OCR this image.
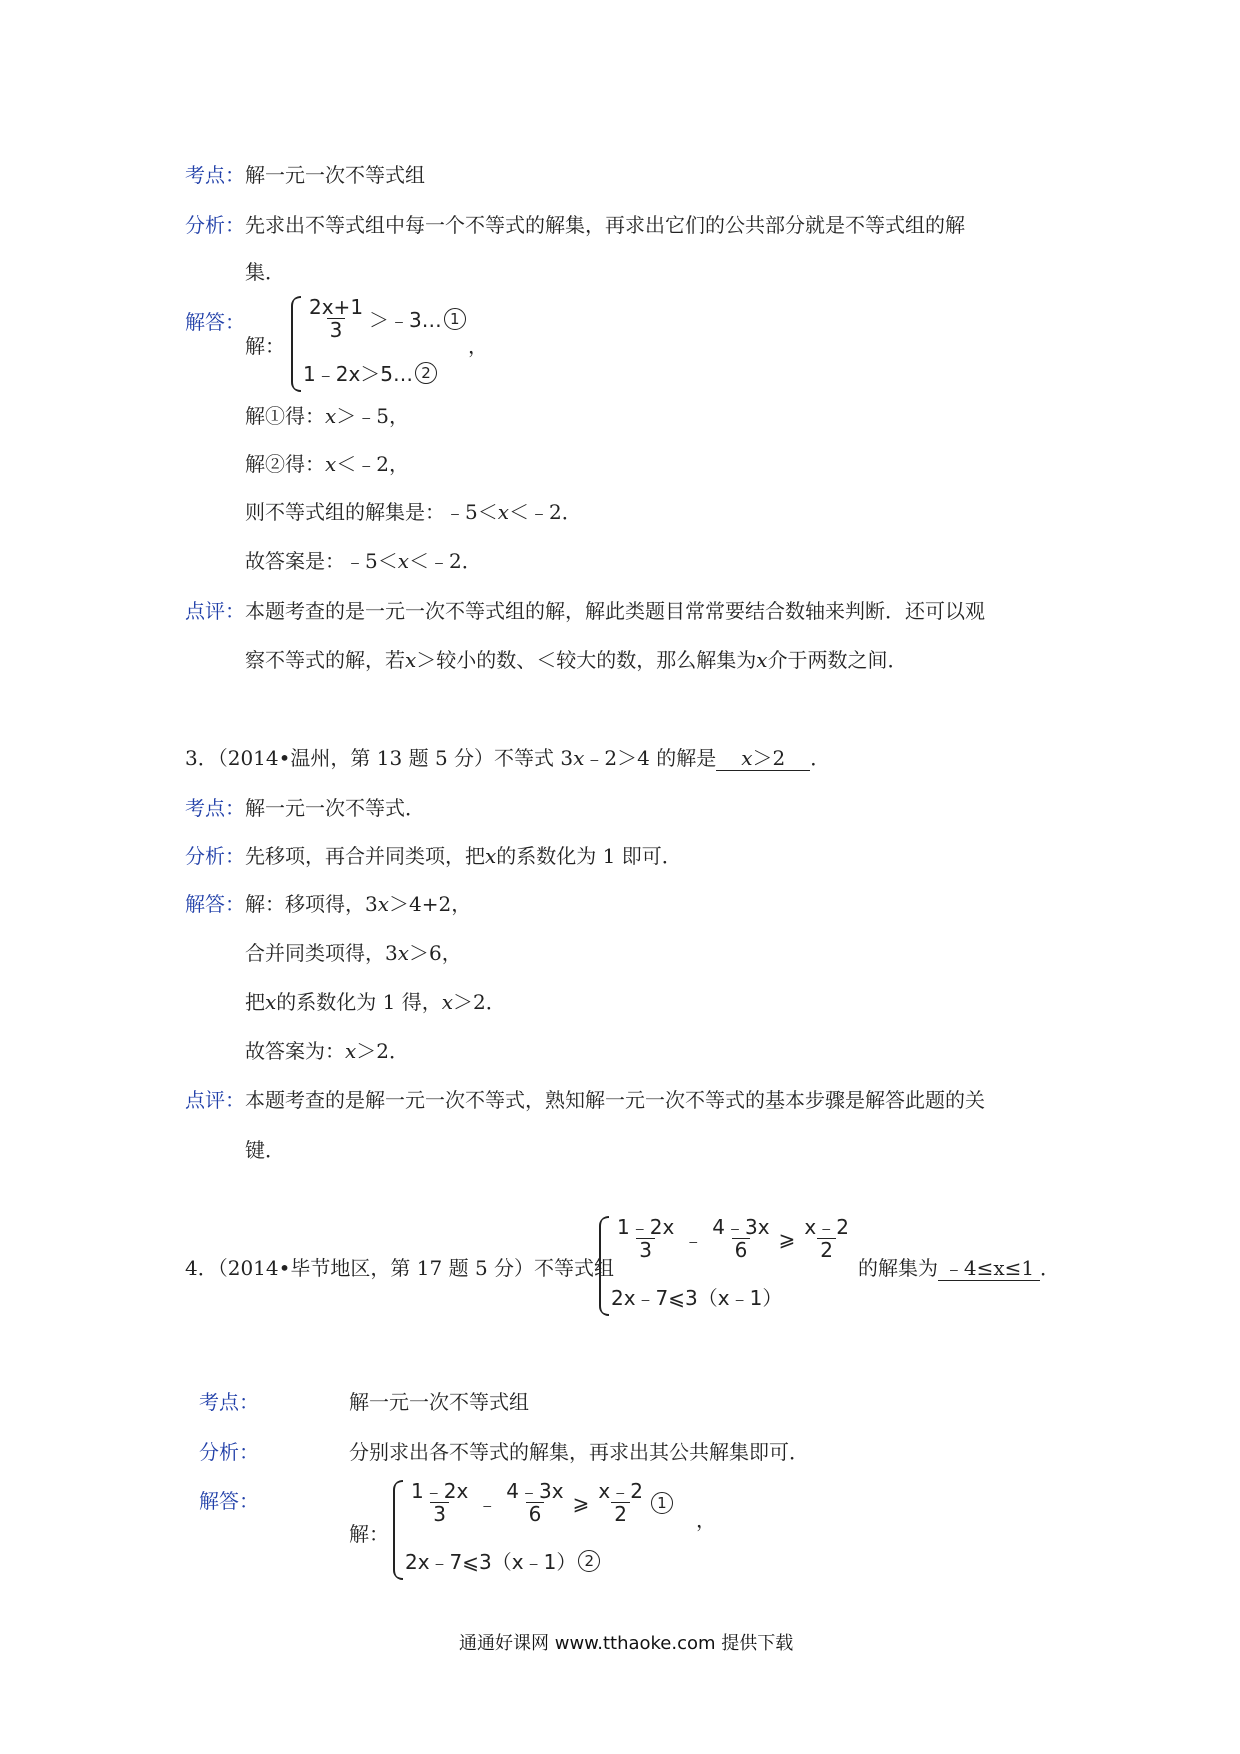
考点：解一元一次不等式组
分析：先求出不等式组中每一个不等式的解集，再求出它们的公共部分就是不等式组的解
集．
解答：
解：
$\frac{2x+1}{3}$ ＞﹣3… 1
1﹣2x＞5… 2
，
解①得：x＞﹣5，
解②得：x＜﹣2，
则不等式组的解集是：﹣5＜x＜﹣2．
故答案是：﹣5＜x＜﹣2．
点评：本题考查的是一元一次不等式组的解，解此类题目常常要结合数轴来判断．还可以观
察不等式的解，若x＞较小的数、＜较大的数，那么解集为x介于两数之间．
3．（2014•温州，第 13 题 5 分）不等式 3x﹣2＞4 的解是 x＞2 ．
考点：解一元一次不等式．
分析：先移项，再合并同类项，把x的系数化为 1 即可．
解答：解：移项得，3x＞4+2，
合并同类项得，3x＞6，
把x的系数化为 1 得，x＞2．
故答案为：x＞2．
点评：本题考查的是解一元一次不等式，熟知解一元一次不等式的基本步骤是解答此题的关
键．
4．（2014•毕节地区，第 17 题 5 分）不等式组
$\frac{1﹣2x}{3}$ ﹣ $\frac{4﹣3x}{6}$ ⩾ $\frac{x﹣2}{2}$
2x﹣7⩽3（x﹣1）
的解集为 ﹣4≤x≤1 ．
考点：	解一元一次不等式组
分析：	分别求出各不等式的解集，再求出其公共解集即可．
解答：
解：
$\frac{1﹣2x}{3}$ ﹣ $\frac{4﹣3x}{6}$ ⩾ $\frac{x﹣2}{2} 1$
2x﹣7⩽3（x﹣1） 2
，
通通好课网 www.tthaoke.com 提供下载
